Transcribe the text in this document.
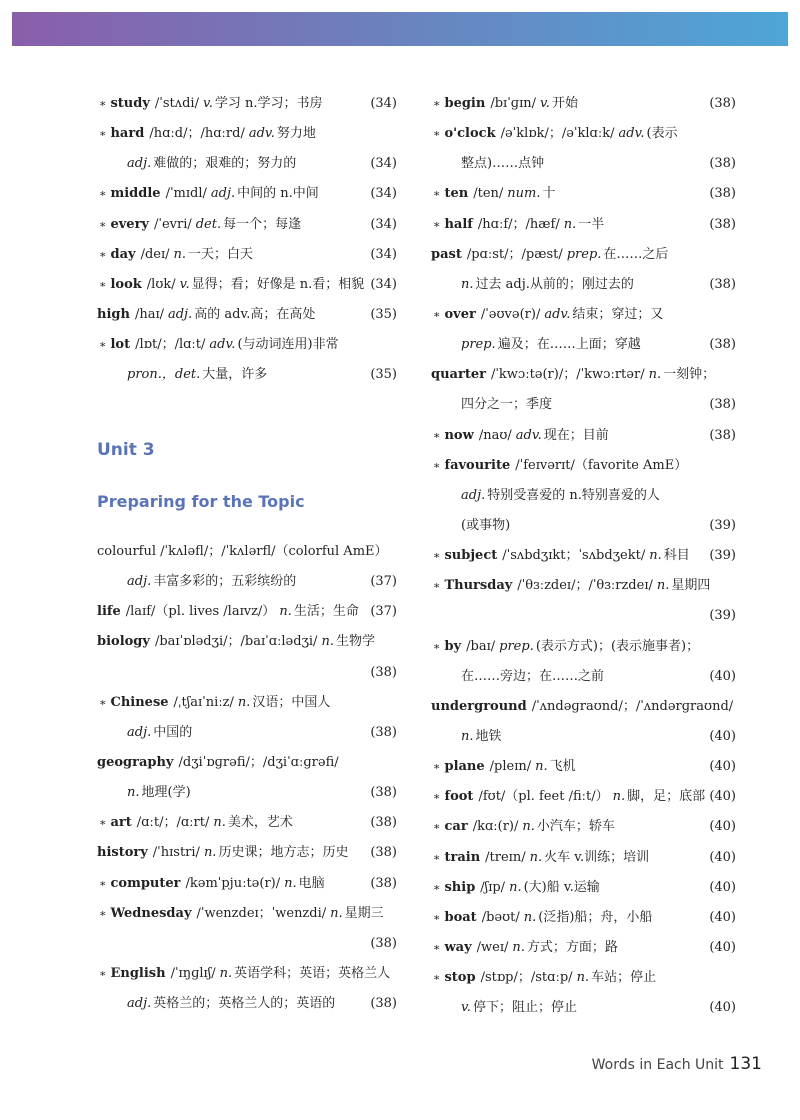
∗ study /ˈstʌdi/ v. 学习 n.学习；书房	(34)
∗ hard /hɑːd/；/hɑːrd/ adv. 努力地
adj. 难做的；艰难的；努力的	(34)
∗ middle /ˈmɪdl/ adj. 中间的 n.中间	(34)
∗ every /ˈevri/ det. 每一个；每逢	(34)
∗ day /deɪ/ n. 一天；白天	(34)
∗ look /lʊk/ v. 显得；看；好像是 n.看；相貌 (34)
high /haɪ/ adj. 高的 adv.高；在高处	(35)
∗ lot /lɒt/；/lɑːt/ adv. (与动词连用)非常
pron.，det. 大量，许多	(35)
Unit 3
Preparing for the Topic
colourful /ˈkʌləfl/；/ˈkʌlərfl/（colorful AmE）
adj. 丰富多彩的；五彩缤纷的	(37)
life /laɪf/（pl. lives /laɪvz/） n. 生活；生命 (37)
biology /baɪˈɒlədʒi/；/baɪˈɑːlədʒi/ n. 生物学
(38)
∗ Chinese /ˌtʃaɪˈniːz/ n. 汉语；中国人
adj. 中国的	(38)
geography /dʒiˈɒɡrəfi/；/dʒiˈɑːɡrəfi/
n. 地理(学)	(38)
∗ art /ɑːt/；/ɑːrt/ n. 美术，艺术	(38)
history /ˈhɪstri/ n. 历史课；地方志；历史 (38)
∗ computer /kəmˈpjuːtə(r)/ n. 电脑	(38)
∗ Wednesday /ˈwenzdeɪ；ˈwenzdi/ n. 星期三
(38)
∗ English /ˈɪŋɡlɪʃ/ n. 英语学科；英语；英格兰人
adj. 英格兰的；英格兰人的；英语的	(38)
∗ begin /bɪˈɡɪn/ v. 开始	(38)
∗ o'clock /əˈklɒk/；/əˈklɑːk/ adv. (表示
整点)……点钟	(38)
∗ ten /ten/ num. 十	(38)
∗ half /hɑːf/；/hæf/ n. 一半	(38)
past /pɑːst/；/pæst/ prep. 在……之后
n. 过去 adj.从前的；刚过去的	(38)
∗ over /ˈəʊvə(r)/ adv. 结束；穿过；又
prep. 遍及；在……上面；穿越	(38)
quarter /ˈkwɔːtə(r)/；/ˈkwɔːrtər/ n. 一刻钟；
四分之一；季度	(38)
∗ now /naʊ/ adv. 现在；目前	(38)
∗ favourite /ˈfeɪvərɪt/（favorite AmE）
adj. 特别受喜爱的 n.特别喜爱的人
(或事物)	(39)
∗ subject /ˈsʌbdʒɪkt；ˈsʌbdʒekt/ n. 科目 (39)
∗ Thursday /ˈθɜːzdeɪ/；/ˈθɜːrzdeɪ/ n. 星期四
(39)
∗ by /baɪ/ prep. (表示方式)；(表示施事者)；
在……旁边；在……之前	(40)
underground /ˈʌndəɡraʊnd/；/ˈʌndərɡraʊnd/
n. 地铁	(40)
∗ plane /pleɪn/ n. 飞机	(40)
∗ foot /fʊt/（pl. feet /fiːt/） n. 脚，足；底部 (40)
∗ car /kɑː(r)/ n. 小汽车；轿车	(40)
∗ train /treɪn/ n. 火车 v.训练；培训	(40)
∗ ship /ʃɪp/ n. (大)船 v.运输	(40)
∗ boat /bəʊt/ n. (泛指)船；舟，小船	(40)
∗ way /weɪ/ n. 方式；方面；路	(40)
∗ stop /stɒp/；/stɑːp/ n. 车站；停止
v. 停下；阻止；停止	(40)
Words in Each Unit 131
